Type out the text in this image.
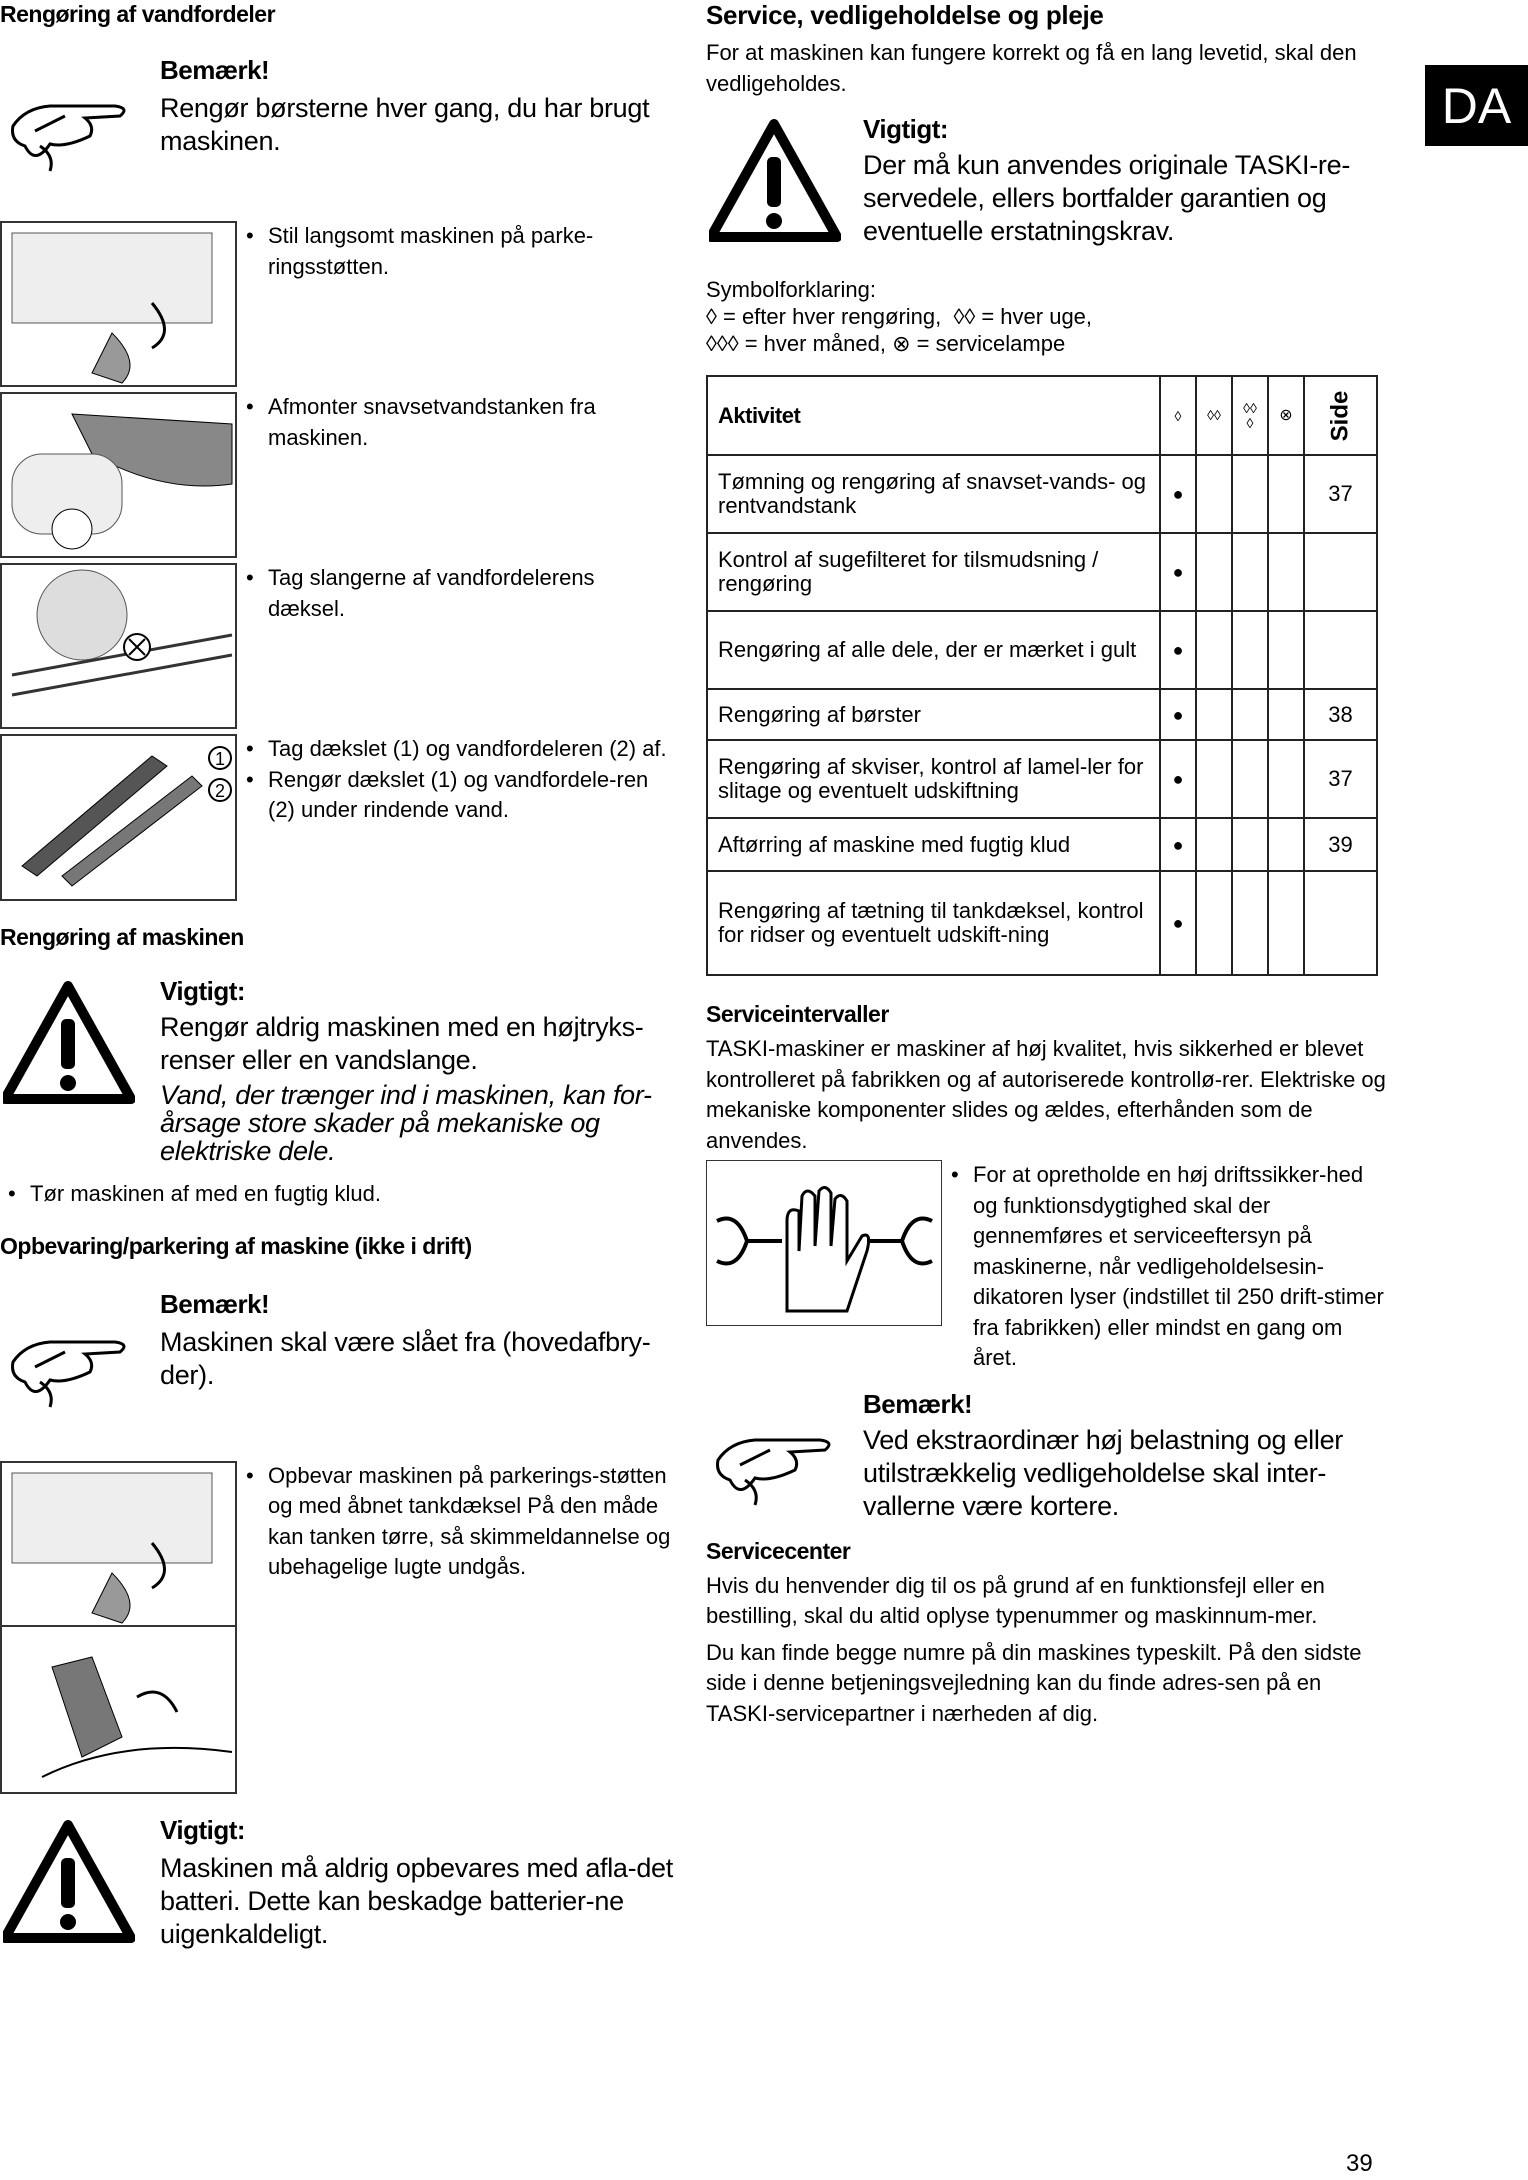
DA
Rengøring af vandfordeler
Bemærk!
Rengør børsterne hver gang, du har brugt maskinen.
• Stil langsomt maskinen på parke-ringsstøtten.
• Afmonter snavsetvandstanken fra maskinen.
• Tag slangerne af vandfordelerens dæksel.
1
2
• Tag dækslet (1) og vandfordeleren (2) af.
• Rengør dækslet (1) og vandfordele-ren (2) under rindende vand.
Rengøring af maskinen
Vigtigt:
Rengør aldrig maskinen med en højtryks-renser eller en vandslange.
Vand, der trænger ind i maskinen, kan for-årsage store skader på mekaniske og elektriske dele.
• Tør maskinen af med en fugtig klud.
Opbevaring/parkering af maskine (ikke i drift)
Bemærk!
Maskinen skal være slået fra (hovedafbry-der).
• Opbevar maskinen på parkerings-støtten og med åbnet tankdæksel På den måde kan tanken tørre, så skimmeldannelse og ubehagelige lugte undgås.
Vigtigt:
Maskinen må aldrig opbevares med afla-det batteri. Dette kan beskadge batterier-ne uigenkaldeligt.
Service, vedligeholdelse og pleje
For at maskinen kan fungere korrekt og få en lang levetid, skal den vedligeholdes.
Vigtigt:
Der må kun anvendes originale TASKI-re-servedele, ellers bortfalder garantien og eventuelle erstatningskrav.
Symbolforklaring:
◊ = efter hver rengøring,  ◊◊ = hver uge,
◊◊◊ = hver måned, ⊗ = servicelampe
Aktivitet	◊	◊◊	◊◊◊	⊗	Side

Tømning og rengøring af snavset-vands- og rentvandstank	●				37
Kontrol af sugefilteret for tilsmudsning / rengøring	●				
Rengøring af alle dele, der er mærket i gult	●				
Rengøring af børster	●				38
Rengøring af skviser, kontrol af lamel-ler for slitage og eventuelt udskiftning	●				37
Aftørring af maskine med fugtig klud	●				39
Rengøring af tætning til tankdæksel, kontrol for ridser og eventuelt udskift-ning	●				
Serviceintervaller
TASKI-maskiner er maskiner af høj kvalitet, hvis sikkerhed er blevet kontrolleret på fabrikken og af autoriserede kontrollø-rer. Elektriske og mekaniske komponenter slides og ældes, efterhånden som de anvendes.
• For at opretholde en høj driftssikker-hed og funktionsdygtighed skal der gennemføres et serviceeftersyn på maskinerne, når vedligeholdelsesin-dikatoren lyser (indstillet til 250 drift-stimer fra fabrikken) eller mindst en gang om året.
Bemærk!
Ved ekstraordinær høj belastning og eller utilstrækkelig vedligeholdelse skal inter-vallerne være kortere.
Servicecenter
Hvis du henvender dig til os på grund af en funktionsfejl eller en bestilling, skal du altid oplyse typenummer og maskinnum-mer.
Du kan finde begge numre på din maskines typeskilt. På den sidste side i denne betjeningsvejledning kan du finde adres-sen på en TASKI-servicepartner i nærheden af dig.
39
